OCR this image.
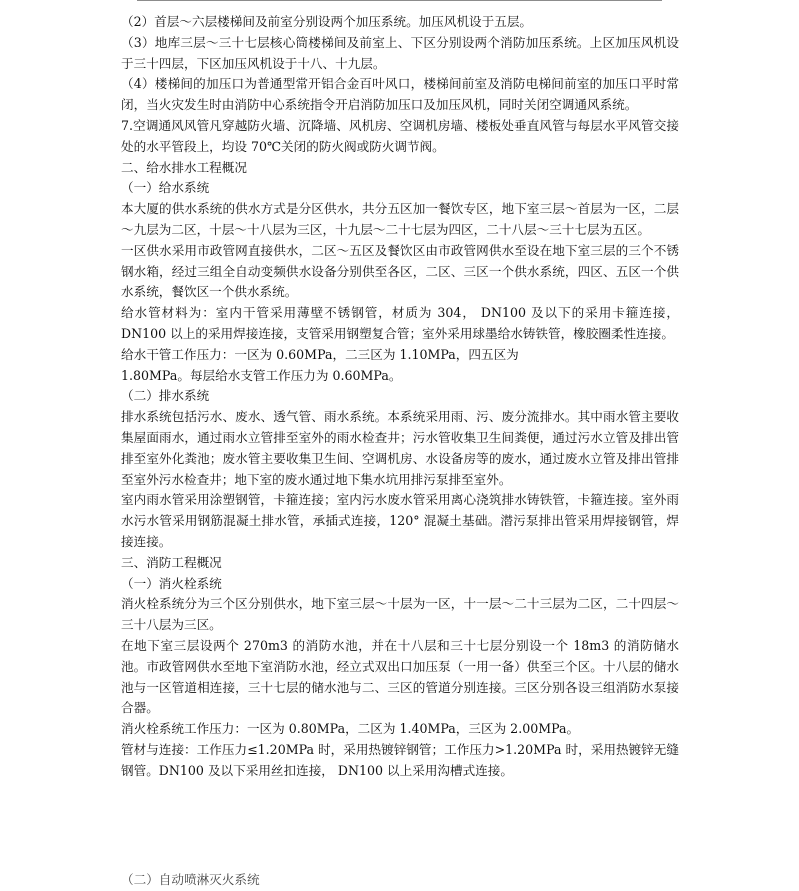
（2）首层～六层楼梯间及前室分别设两个加压系统。加压风机设于五层。

（3）地库三层～三十七层核心筒楼梯间及前室上、下区分别设两个消防加压系统。上区加压风机设于三十四层，下区加压风机设于十八、十九层。

（4）楼梯间的加压口为普通型常开铝合金百叶风口，楼梯间前室及消防电梯间前室的加压口平时常闭，当火灾发生时由消防中心系统指令开启消防加压口及加压风机，同时关闭空调通风系统。

7.空调通风风管凡穿越防火墙、沉降墙、风机房、空调机房墙、楼板处垂直风管与每层水平风管交接处的水平管段上，均设 70℃关闭的防火阀或防火调节阀。

二、给水排水工程概况

（一）给水系统

本大厦的供水系统的供水方式是分区供水，共分五区加一餐饮专区，地下室三层～首层为一区，二层～九层为二区，十层～十八层为三区，十九层～二十七层为四区，二十八层～三十七层为五区。

一区供水采用市政管网直接供水，二区～五区及餐饮区由市政管网供水至设在地下室三层的三个不锈钢水箱，经过三组全自动变频供水设备分别供至各区，二区、三区一个供水系统，四区、五区一个供水系统，餐饮区一个供水系统。

给水管材料为：室内干管采用薄壁不锈钢管，材质为 304， DN100 及以下的采用卡箍连接，DN100 以上的采用焊接连接，支管采用钢塑复合管；室外采用球墨给水铸铁管，橡胶圈柔性连接。

给水干管工作压力：一区为 0.60MPa，二三区为 1.10MPa，四五区为

1.80MPa。每层给水支管工作压力为 0.60MPa。

（二）排水系统

排水系统包括污水、废水、透气管、雨水系统。本系统采用雨、污、废分流排水。其中雨水管主要收集屋面雨水，通过雨水立管排至室外的雨水检查井；污水管收集卫生间粪便，通过污水立管及排出管排至室外化粪池；废水管主要收集卫生间、空调机房、水设备房等的废水，通过废水立管及排出管排至室外污水检查井；地下室的废水通过地下集水坑用排污泵排至室外。

室内雨水管采用涂塑钢管，卡箍连接；室内污水废水管采用离心浇筑排水铸铁管，卡箍连接。室外雨水污水管采用钢筋混凝土排水管，承插式连接，120° 混凝土基础。潜污泵排出管采用焊接钢管，焊接连接。

三、消防工程概况

（一）消火栓系统

消火栓系统分为三个区分别供水，地下室三层～十层为一区，十一层～二十三层为二区，二十四层～三十八层为三区。

在地下室三层设两个 270m3 的消防水池，并在十八层和三十七层分别设一个 18m3 的消防储水池。市政管网供水至地下室消防水池，经立式双出口加压泵（一用一备）供至三个区。十八层的储水池与一区管道相连接，三十七层的储水池与二、三区的管道分别连接。三区分别各设三组消防水泵接合器。

消火栓系统工作压力：一区为 0.80MPa，二区为 1.40MPa，三区为 2.00MPa。

管材与连接：工作压力≤1.20MPa 时，采用热镀锌钢管；工作压力>1.20MPa 时，采用热镀锌无缝钢管。DN100 及以下采用丝扣连接， DN100 以上采用沟槽式连接。

（二）自动喷淋灭火系统
